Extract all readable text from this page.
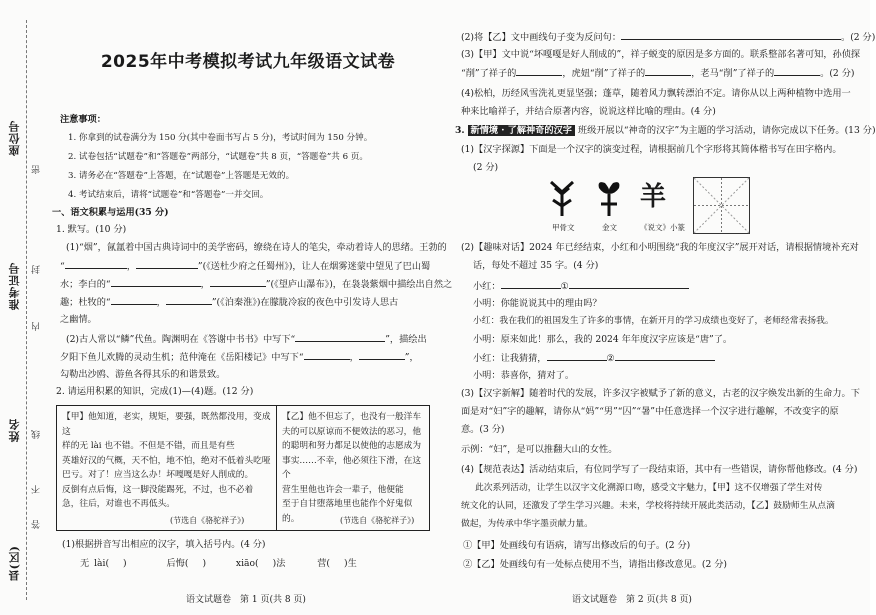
座位号
准考证号
姓名
县(区)
密
封
内
线
不
答
2025年中考模拟考试九年级语文试卷
注意事项：
1. 你拿到的试卷满分为 150 分(其中卷面书写占 5 分)，考试时间为 150 分钟。
2. 试卷包括“试题卷”和“答题卷”两部分，“试题卷”共 8 页，“答题卷”共 6 页。
3. 请务必在“答题卷”上答题，在“试题卷”上答题是无效的。
4. 考试结束后，请将“试题卷”和“答题卷”一并交回。
一、语文积累与运用(35 分)
1. 默写。(10 分)
(1)“烟”，氤氲着中国古典诗词中的美学密码，缭绕在诗人的笔尖，牵动着诗人的思绪。王勃的
“	，	”(《送杜少府之任蜀州》)，让人在烟雾迷蒙中望见了巴山蜀
水；李白的“	，	”(《望庐山瀑布》)，在袅袅紫烟中描绘出自然之
趣；杜牧的“	，	”(《泊秦淮》)在朦胧冷寂的夜色中引发诗人思古
之幽情。
(2)古人常以“鳞”代鱼。陶渊明在《答谢中书书》中写下“	”，描绘出
夕阳下鱼儿欢腾的灵动生机；范仲淹在《岳阳楼记》中写下“	，	”，
勾勒出沙鸥、游鱼各得其乐的和谐景致。
2. 请运用积累的知识，完成(1)—(4)题。(12 分)
【甲】他知道，老实，规矩，要强，既然都没用，变成这
样的无 lài 也不错。不但是不错，而且是有些
英雄好汉的气概，天不怕，地不怕，绝对不低着头吃哑
巴亏。对了！应当这么办！坏嘎嘎是好人削成的。
反倒有点后悔，这一脚没能踢死，不过，也不必着
急，往后，对谁也不再低头。
【乙】他不但忘了，也没有一般洋车
夫的可以原谅而不便效法的恶习，他
的聪明和努力都足以使他的志愿成为
事实……不幸，他必须往下滑，在这个
营生里他也许会一辈子，他便能
至于自甘堕落地里也能作个好鬼似的。
(节选自《骆驼祥子》)	(节选自《骆驼祥子》)
(1)根据拼音写出相应的汉字，填入括号内。(4 分)
无 lài( )	后悔( )	xiāo( )法	营( )生
语文试题卷　第 1 页(共 8 页)
(2)将【乙】文中画线句子变为反问句：	。(2 分)
(3)【甲】文中说“坏嘎嘎是好人削成的”，祥子蜕变的原因是多方面的。联系整部名著可知，孙侦探
“削”了祥子的	，虎妞“削”了祥子的	，老马“削”了祥子的	。(2 分)
(4)松柏，历经风雪洗礼更显坚强；蓬草，随着风力飘转漂泊不定。请你从以上两种植物中选用一
种来比喻祥子，并结合原著内容，说说这样比喻的理由。(4 分)
3. 新情境 · 了解神奇的汉字 班级开展以“神奇的汉字”为主题的学习活动，请你完成以下任务。(13 分)
(1)【汉字探源】下面是一个汉字的演变过程，请根据前几个字形将其简体楷书写在田字格内。
(2 分)
羊
甲骨文	金文	《说文》小篆
(2)【趣味对话】2024 年已经结束，小红和小明围绕“我的年度汉字”展开对话，请根据情境补充对
话，每处不超过 35 字。(4 分)
小红：	①
小明：你能说说其中的理由吗？
小红：我在我们的祖国发生了许多的事情，在新开月的学习成绩也变好了，老师经常表扬我。
小明：原来如此！那么，我的 2024 年年度汉字应该是“唐”了。
小红：让我猜猜，	②
小明：恭喜你，猜对了。
(3)【汉字新解】随着时代的发展，许多汉字被赋予了新的意义，古老的汉字焕发出新的生命力。下
面是对“妇”字的趣解，请你从“妈”“男”“囚”“暑”中任意选择一个汉字进行趣解，不改变字的原
意。(3 分)
示例：“妇”，是可以推翻大山的女性。
(4)【规范表达】活动结束后，有位同学写了一段结束语，其中有一些错误，请你帮他修改。(4 分)
此次系列活动，让学生以汉字文化溯源口吻，感受文字魅力，【甲】这不仅增强了学生对传
统文化的认同，还激发了学生学习兴趣。未来，学校将持续开展此类活动，【乙】鼓励师生从点滴
做起，为传承中华字墨贡献力量。
①【甲】处画线句有语病，请写出修改后的句子。(2 分)
②【乙】处画线句有一处标点使用不当，请指出修改意见。(2 分)
语文试题卷　第 2 页(共 8 页)
